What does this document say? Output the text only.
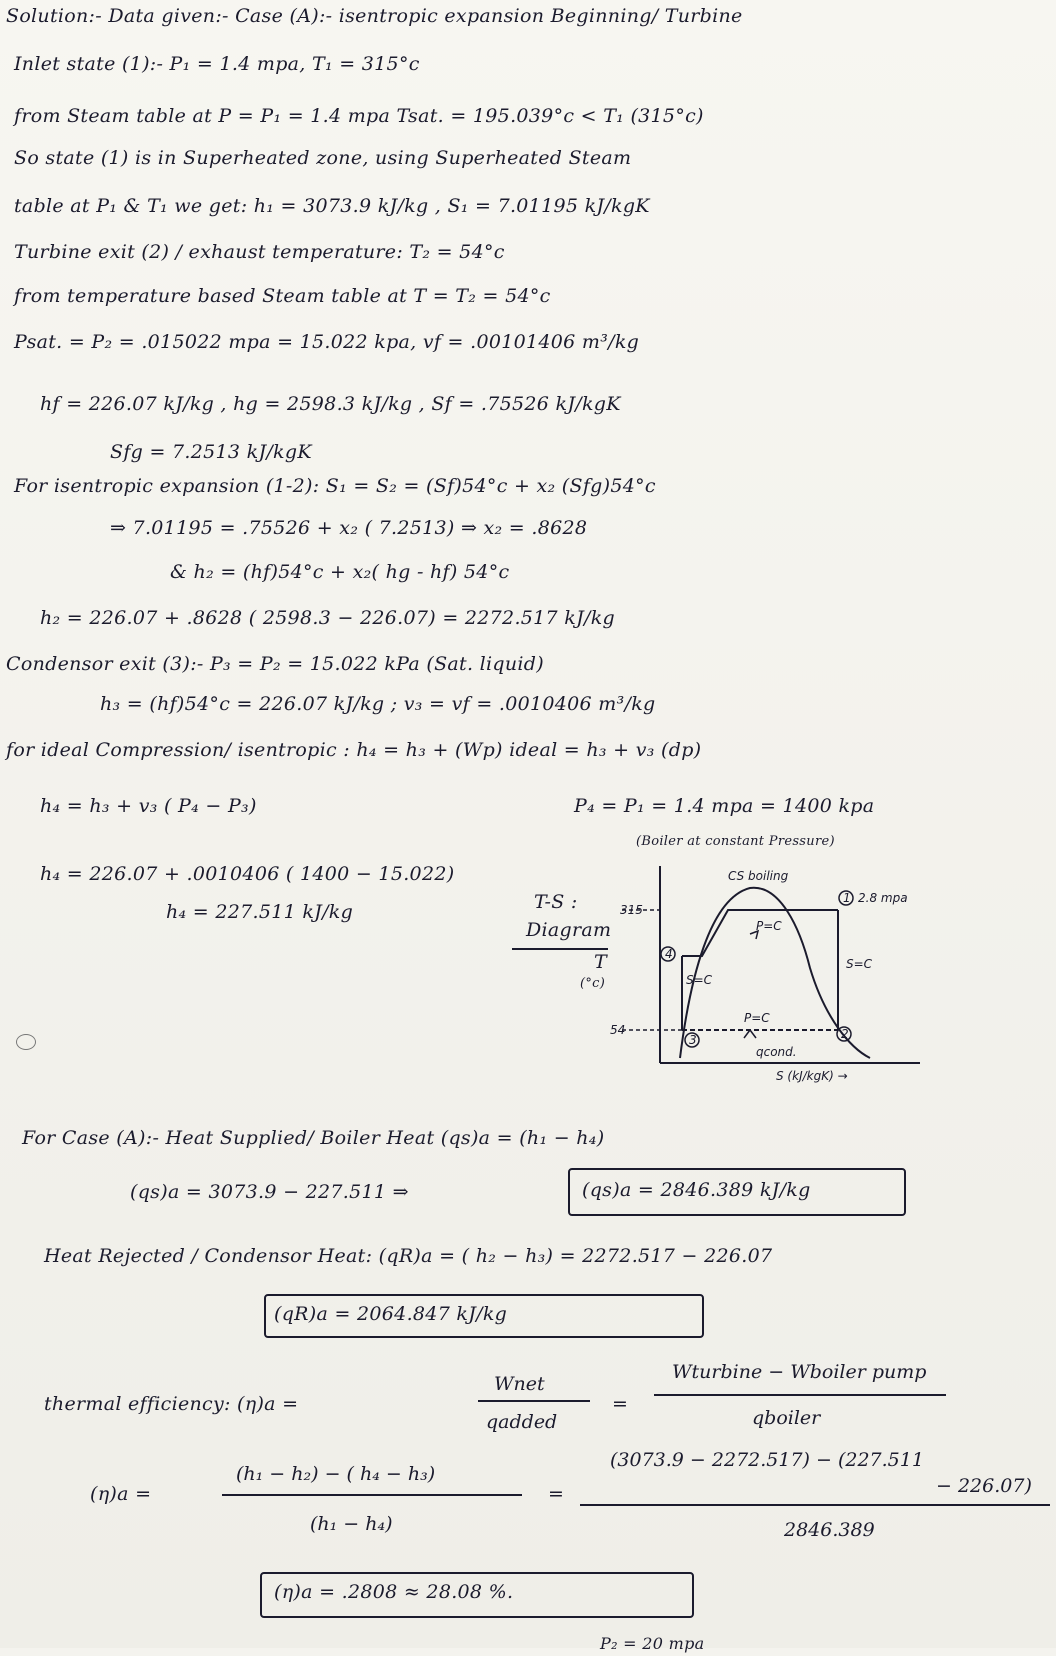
Solution:- Data given:- Case (A):- isentropic expansion Beginning/ Turbine
Inlet state (1):- P₁ = 1.4 mpa, T₁ = 315°c
from Steam table at P = P₁ = 1.4 mpa Tsat. = 195.039°c < T₁ (315°c)
So state (1) is in Superheated zone, using Superheated Steam
table at P₁ & T₁ we get: h₁ = 3073.9 kJ/kg , S₁ = 7.01195 kJ/kgK
Turbine exit (2) / exhaust temperature: T₂ = 54°c
from temperature based Steam table at T = T₂ = 54°c
Psat. = P₂ = .015022 mpa = 15.022 kpa, vf = .00101406 m³/kg
hf = 226.07 kJ/kg , hg = 2598.3 kJ/kg , Sf = .75526 kJ/kgK
Sfg = 7.2513 kJ/kgK
For isentropic expansion (1-2): S₁ = S₂ = (Sf)54°c + x₂ (Sfg)54°c
⇒ 7.01195 = .75526 + x₂ ( 7.2513) ⇒ x₂ = .8628
& h₂ = (hf)54°c + x₂( hg - hf) 54°c
h₂ = 226.07 + .8628 ( 2598.3 − 226.07) = 2272.517 kJ/kg
Condensor exit (3):- P₃ = P₂ = 15.022 kPa (Sat. liquid)
h₃ = (hf)54°c = 226.07 kJ/kg ; v₃ = vf = .0010406 m³/kg
for ideal Compression/ isentropic : h₄ = h₃ + (Wp) ideal = h₃ + v₃ (dp)
h₄ = h₃ + v₃ ( P₄ − P₃)	P₄ = P₁ = 1.4 mpa = 1400 kpa
(Boiler at constant Pressure)
h₄ = 226.07 + .0010406 ( 1400 − 15.022)
h₄ = 227.511 kJ/kg	T-S :
Diagram
T
(°c)
1
2
3
4
315
54
2.8 mpa
CS boiling
P=C
S=C
S=C
P=C
qcond.
S (kJ/kgK) →
For Case (A):- Heat Supplied/ Boiler Heat (qs)a = (h₁ − h₄)
(qs)a = 3073.9 − 227.511 ⇒	(qs)a = 2846.389 kJ/kg
Heat Rejected / Condensor Heat: (qR)a = ( h₂ − h₃) = 2272.517 − 226.07
(qR)a = 2064.847 kJ/kg
thermal efficiency: (η)a =
Wnet
qadded
=
Wturbine − Wboiler pump
qboiler
(η)a =
(h₁ − h₂) − ( h₄ − h₃)
(h₁ − h₄)
=
(3073.9 − 2272.517) − (227.511
− 226.07)
2846.389
(η)a = .2808 ≈ 28.08 %.
P₂ = 20 mpa
